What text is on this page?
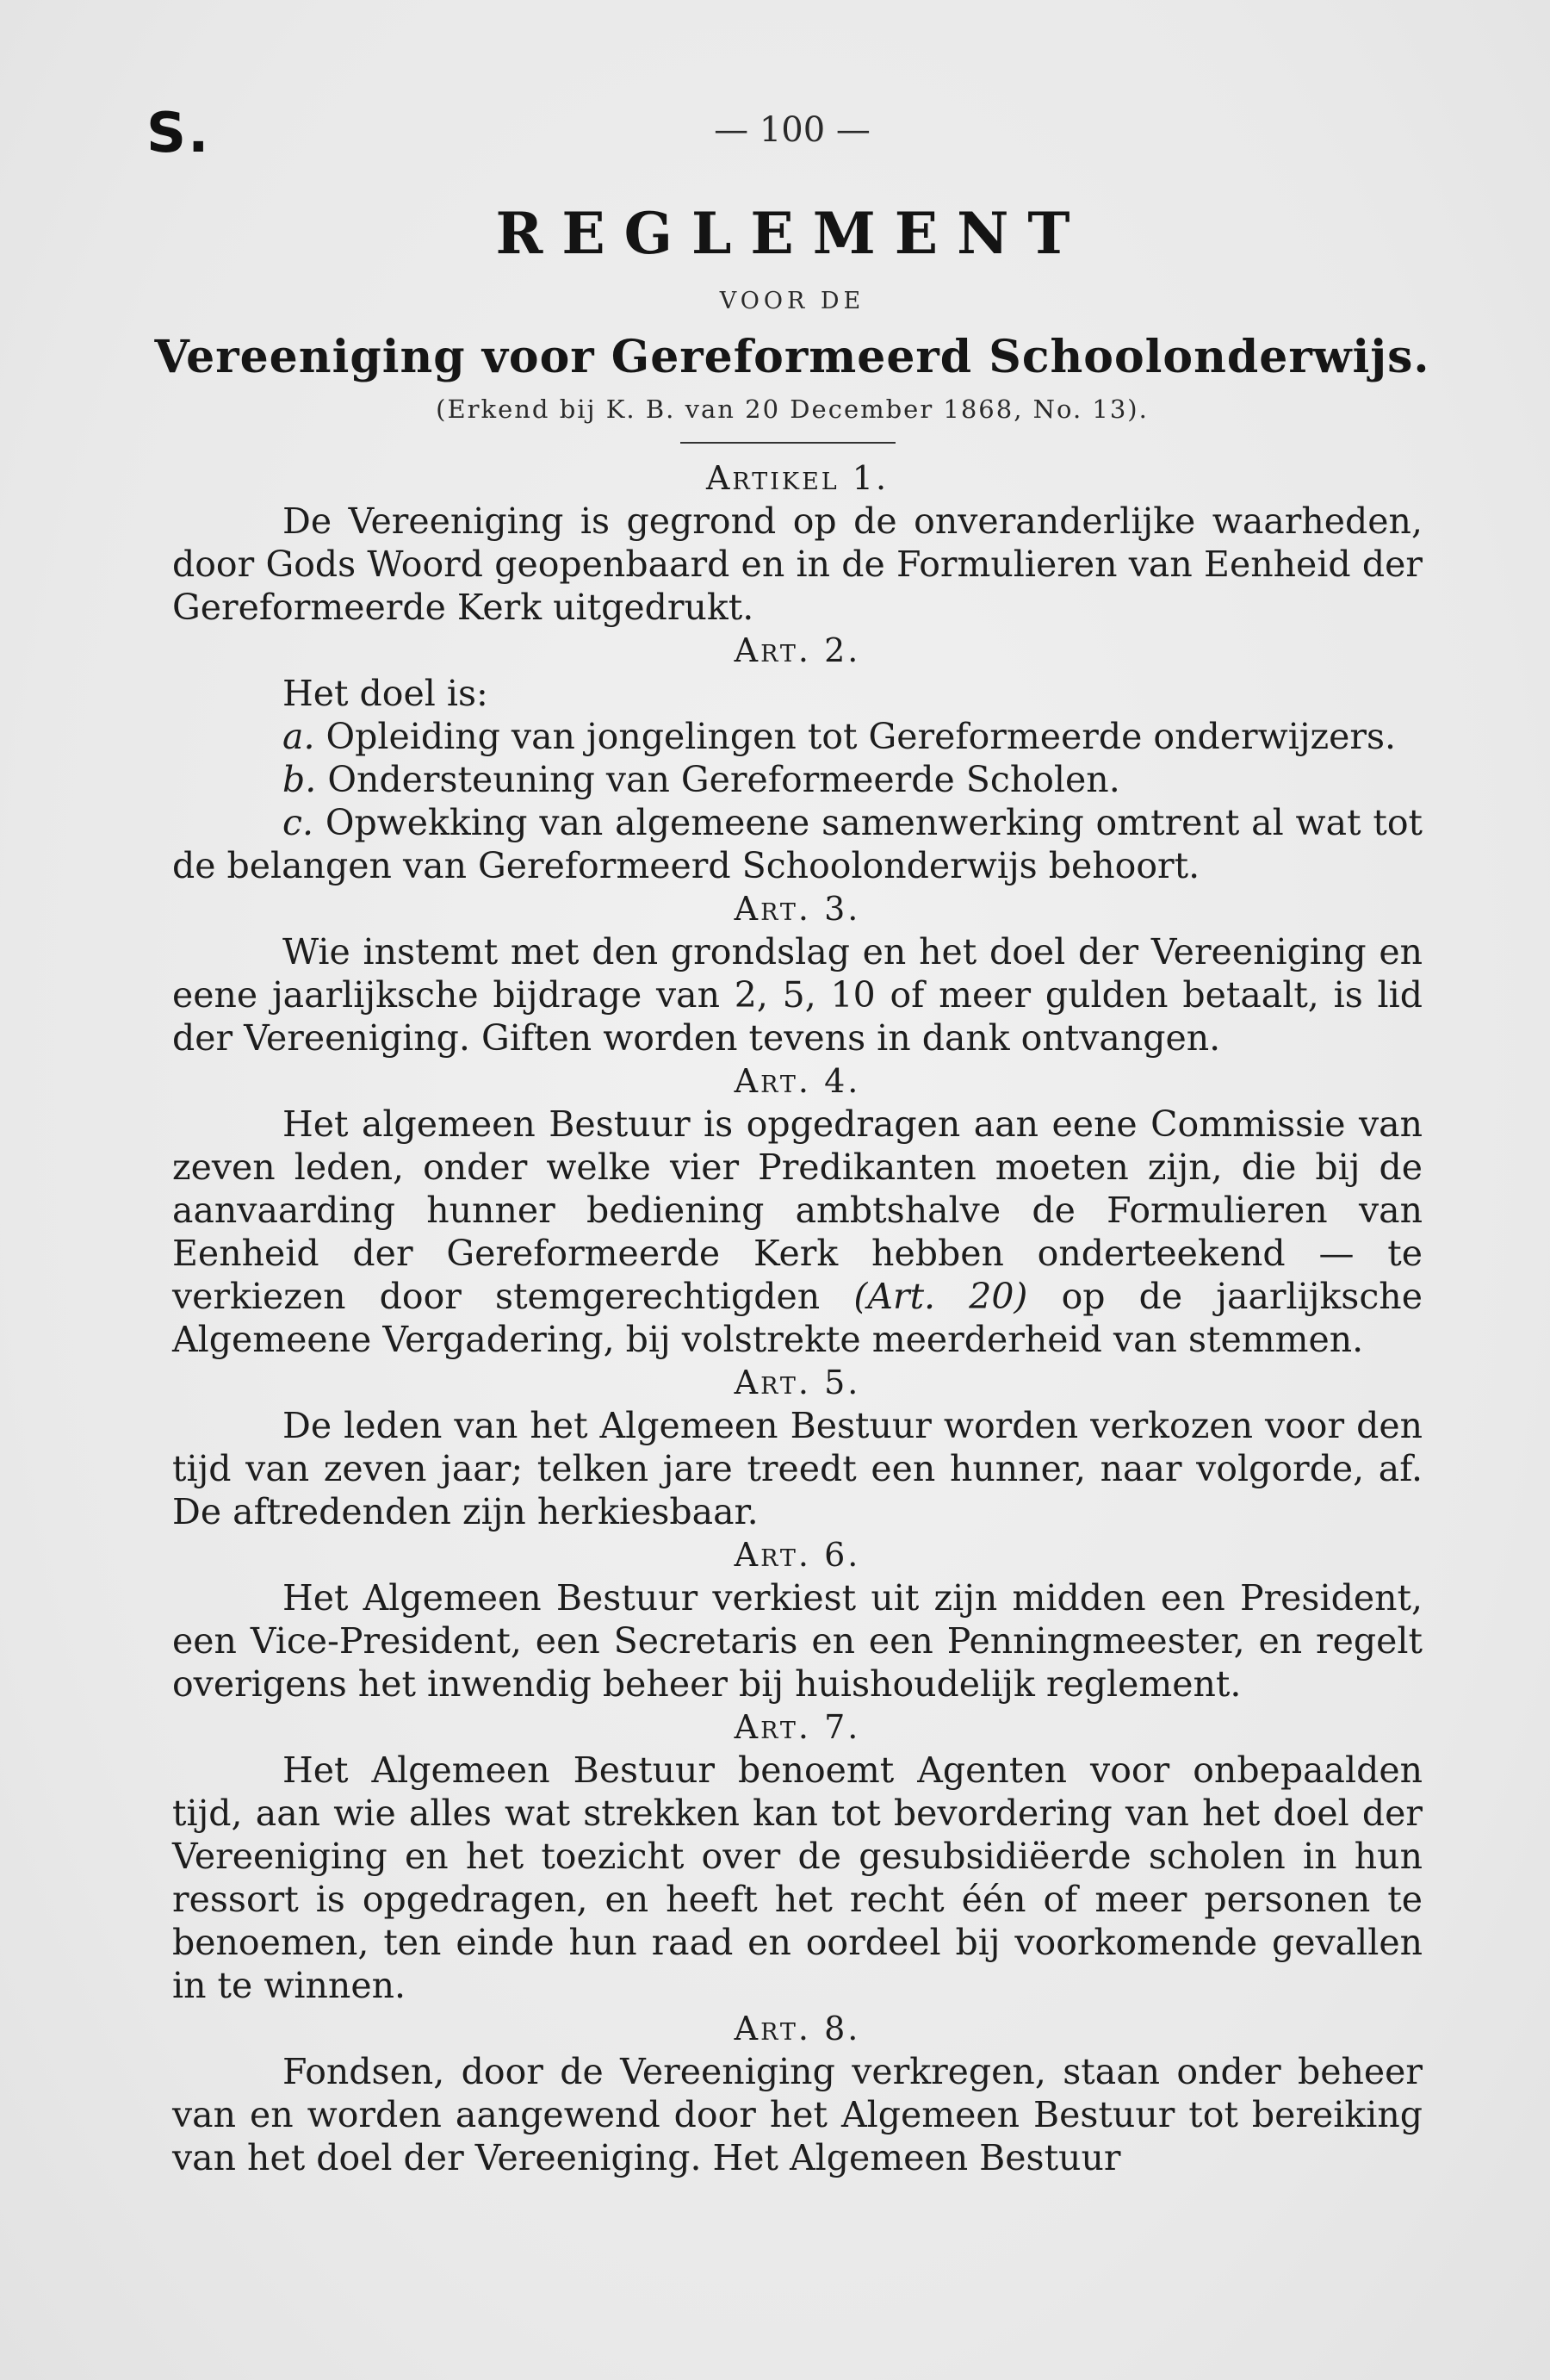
S.	— 100 —
REGLEMENT
VOOR DE
Vereeniging voor Gereformeerd Schoolonderwijs.
(Erkend bij K. B. van 20 December 1868, No. 13).
Artikel 1.

De Vereeniging is gegrond op de onveranderlijke waarheden, door Gods Woord geopenbaard en in de Formulieren van Eenheid der Gereformeerde Kerk uitgedrukt.

Art. 2.

Het doel is:

a. Opleiding van jongelingen tot Gereformeerde onderwijzers.

b. Ondersteuning van Gereformeerde Scholen.

c. Opwekking van algemeene samenwerking omtrent al wat tot de belangen van Gereformeerd Schoolonderwijs behoort.

Art. 3.

Wie instemt met den grondslag en het doel der Vereeniging en eene jaarlijksche bijdrage van 2, 5, 10 of meer gulden betaalt, is lid der Vereeniging. Giften worden tevens in dank ontvangen.

Art. 4.

Het algemeen Bestuur is opgedragen aan eene Commissie van zeven leden, onder welke vier Predikanten moeten zijn, die bij de aanvaarding hunner bediening ambtshalve de Formulieren van Eenheid der Gereformeerde Kerk hebben onderteekend — te verkiezen door stemgerechtigden (Art. 20) op de jaarlijksche Algemeene Vergadering, bij volstrekte meerderheid van stemmen.

Art. 5.

De leden van het Algemeen Bestuur worden verkozen voor den tijd van zeven jaar; telken jare treedt een hunner, naar volgorde, af. De aftredenden zijn herkiesbaar.

Art. 6.

Het Algemeen Bestuur verkiest uit zijn midden een President, een Vice-President, een Secretaris en een Penningmeester, en regelt overigens het inwendig beheer bij huishoudelijk reglement.

Art. 7.

Het Algemeen Bestuur benoemt Agenten voor onbepaalden tijd, aan wie alles wat strekken kan tot bevordering van het doel der Vereeniging en het toezicht over de gesubsidiëerde scholen in hun ressort is opgedragen, en heeft het recht één of meer personen te benoemen, ten einde hun raad en oordeel bij voorkomende gevallen in te winnen.

Art. 8.

Fondsen, door de Vereeniging verkregen, staan onder beheer van en worden aangewend door het Algemeen Bestuur tot bereiking van het doel der Vereeniging. Het Algemeen Bestuur
